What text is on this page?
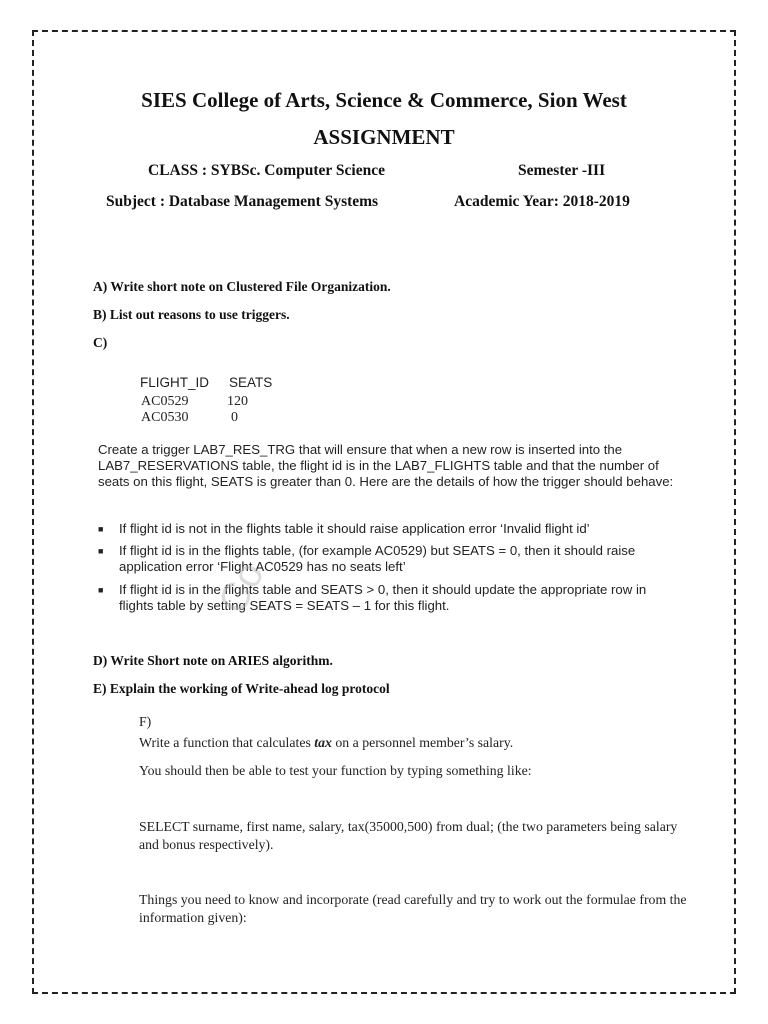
SIES College of Arts, Science & Commerce, Sion West
ASSIGNMENT
CLASS : SYBSc. Computer Science	Semester -III
Subject : Database Management Systems	Academic Year: 2018-2019
A) Write short note on Clustered File Organization.
B) List out reasons to use triggers.
C)
FLIGHT_ID SEATS
AC0529	120
AC0530	0
Create a trigger LAB7_RES_TRG that will ensure that when a new row is inserted into the LAB7_RESERVATIONS table, the flight id is in the LAB7_FLIGHTS table and that the number of seats on this flight, SEATS is greater than 0. Here are the details of how the trigger should behave:
■ If flight id is not in the flights table it should raise application error ‘Invalid flight id’
■ If flight id is in the flights table, (for example AC0529) but SEATS = 0, then it should raise application error ‘Flight AC0529 has no seats left’
■ If flight id is in the flights table and SEATS > 0, then it should update the appropriate row in flights table by setting SEATS = SEATS – 1 for this flight.
Co
D) Write Short note on ARIES algorithm.
E) Explain the working of Write-ahead log protocol
F)
Write a function that calculates tax on a personnel member’s salary.
You should then be able to test your function by typing something like:
SELECT surname, first name, salary, tax(35000,500) from dual; (the two parameters being salary and bonus respectively).
Things you need to know and incorporate (read carefully and try to work out the formulae from the information given):
